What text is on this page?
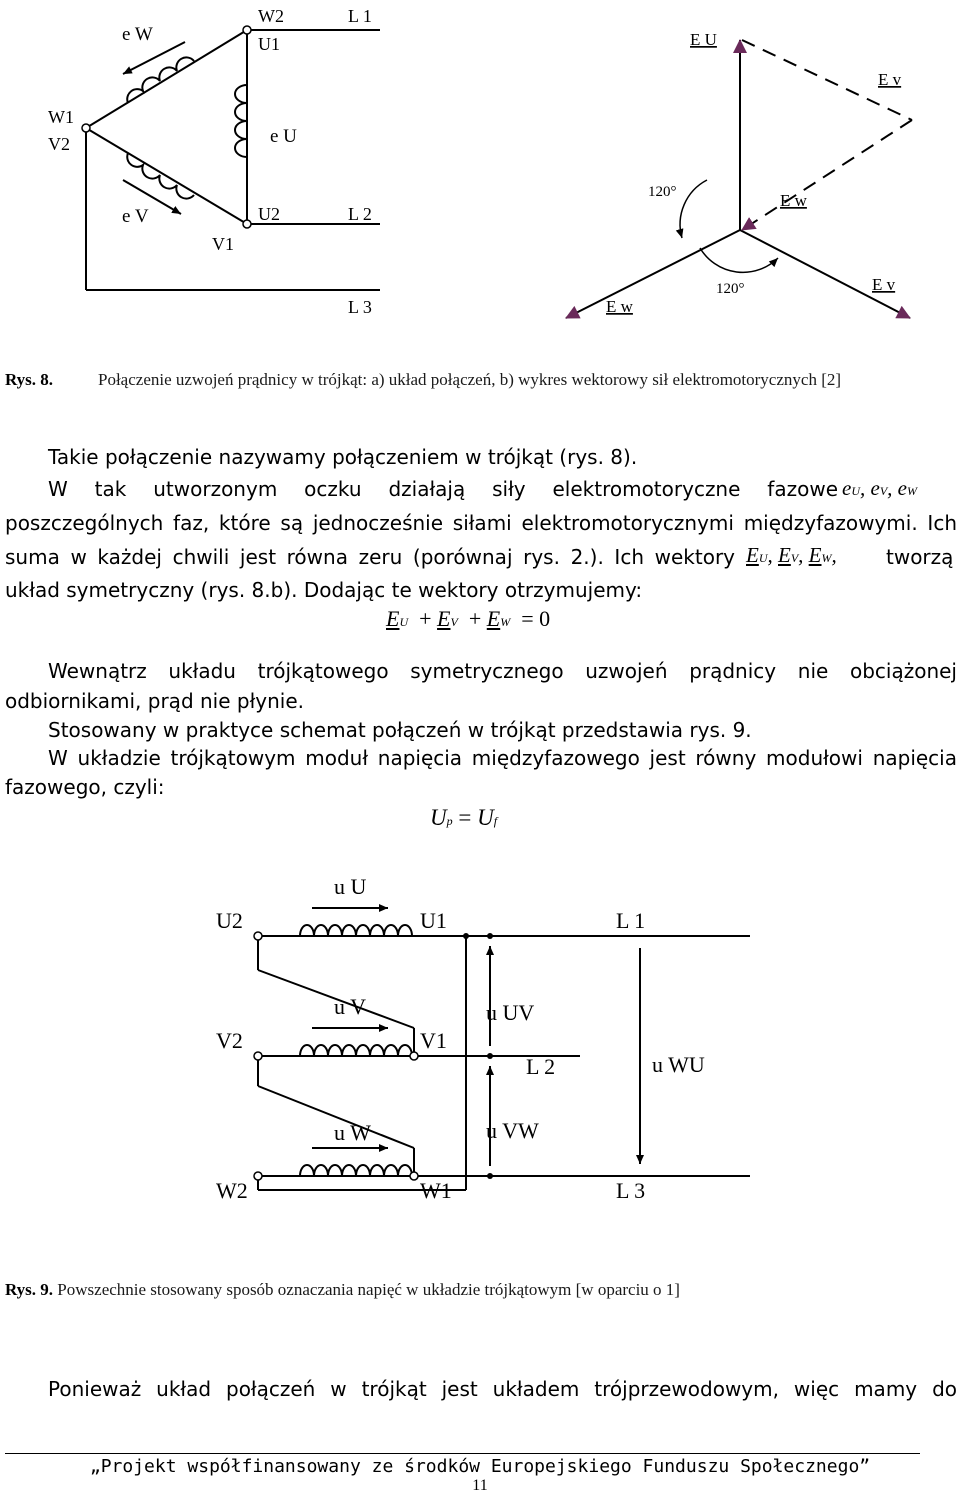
e W
W2
U1
L 1
W1
V2	e U
e V
V1
U2	L 2
L 3
E U
E v
120°	E w
E w
120°	E v
Rys. 8.	Połączenie uzwojeń prądnicy w trójkąt: a) układ połączeń, b) wykres wektorowy sił elektromotorycznych [2]
Takie połączenie nazywamy połączeniem w trójkąt (rys. 8).
W tak utworzonym oczku działają siły elektromotoryczne fazowe eU, eV, eW
poszczególnych faz, które są jednocześnie siłami elektromotorycznymi międzyfazowymi. Ich
suma w każdej chwili jest równa zeru (porównaj rys. 2.). Ich wektory EU, EV, EW, tworzą
układ symetryczny (rys. 8.b). Dodając te wektory otrzymujemy:
EU + EV + EW = 0
Wewnątrz układu trójkątowego symetrycznego uzwojeń prądnicy nie obciążonej
odbiornikami, prąd nie płynie.
Stosowany w praktyce schemat połączeń w trójkąt przedstawia rys. 9.
W układzie trójkątowym moduł napięcia międzyfazowego jest równy modułowi napięcia
fazowego, czyli:
Up = Uf
u U
U2	U1	L 1
u UV
u V
V2	V1
L 2	u WU
u VW
u W
W2	W1	L 3
Rys. 9. Powszechnie stosowany sposób oznaczania napięć w układzie trójkątowym [w oparciu o 1]
Ponieważ układ połączeń w trójkąt jest układem trójprzewodowym, więc mamy do
„Projekt współfinansowany ze środków Europejskiego Funduszu Społecznego”
11
